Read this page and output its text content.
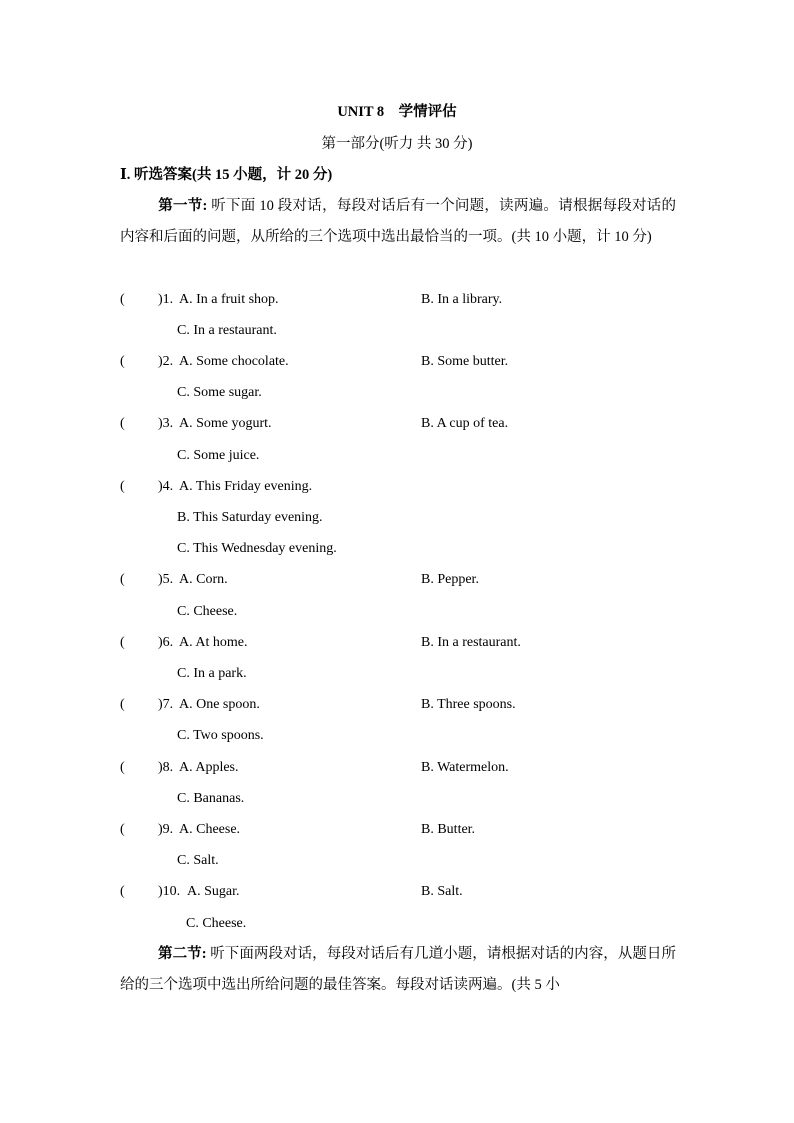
UNIT 8　学情评估
第一部分(听力 共 30 分)
Ⅰ. 听选答案(共 15 小题，计 20 分)
第一节: 听下面 10 段对话，每段对话后有一个问题，读两遍。请根据每段对话的内容和后面的问题，从所给的三个选项中选出最恰当的一项。(共 10 小题，计 10 分)
( )1. A. In a fruit shop.	B. In a library.
C. In a restaurant.
( )2. A. Some chocolate.	B. Some butter.
C. Some sugar.
( )3. A. Some yogurt.	B. A cup of tea.
C. Some juice.
( )4. A. This Friday evening.
B. This Saturday evening.
C. This Wednesday evening.
( )5. A. Corn.	B. Pepper.
C. Cheese.
( )6. A. At home.	B. In a restaurant.
C. In a park.
( )7. A. One spoon.	B. Three spoons.
C. Two spoons.
( )8. A. Apples.	B. Watermelon.
C. Bananas.
( )9. A. Cheese.	B. Butter.
C. Salt.
( )10. A. Sugar.	B. Salt.
C. Cheese.
第二节: 听下面两段对话，每段对话后有几道小题，请根据对话的内容，从题日所给的三个选项中选出所给问题的最佳答案。每段对话读两遍。(共 5 小
